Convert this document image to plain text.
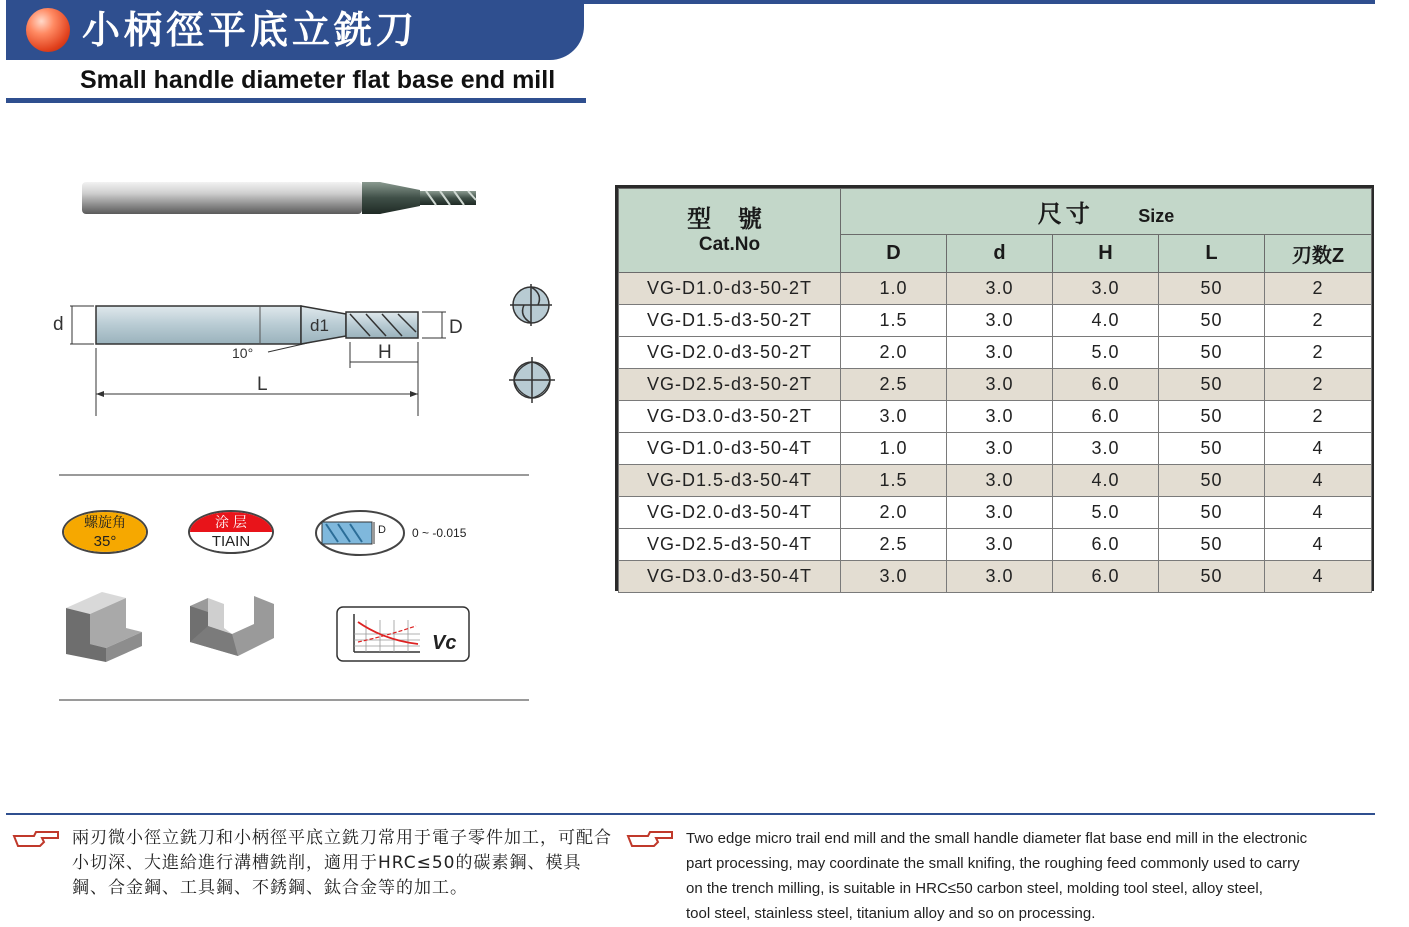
小柄徑平底立銑刀
Small handle diameter flat base end mill
d	d1	D
H
10°
L
螺旋角
35°
涂 层
TIAIN
D 0 ~ -0.015
Vc
型 號
Cat.No	尺寸 Size				
	D	d	H	L	刃数Z
VG-D1.0-d3-50-2T	1.0	3.0	3.0	50	2
VG-D1.5-d3-50-2T	1.5	3.0	4.0	50	2
VG-D2.0-d3-50-2T	2.0	3.0	5.0	50	2
VG-D2.5-d3-50-2T	2.5	3.0	6.0	50	2
VG-D3.0-d3-50-2T	3.0	3.0	6.0	50	2
VG-D1.0-d3-50-4T	1.0	3.0	3.0	50	4
VG-D1.5-d3-50-4T	1.5	3.0	4.0	50	4
VG-D2.0-d3-50-4T	2.0	3.0	5.0	50	4
VG-D2.5-d3-50-4T	2.5	3.0	6.0	50	4
VG-D3.0-d3-50-4T	3.0	3.0	6.0	50	4
兩刃微小徑立銑刀和小柄徑平底立銑刀常用于電子零件加工，可配合小切深、大進給進行溝槽銑削，適用于HRC≤50的碳素鋼、模具鋼、合金鋼、工具鋼、不銹鋼、鈦合金等的加工。
Two edge micro trail end mill and the small handle diameter flat base end mill in the electronic
part processing, may coordinate the small knifing, the roughing feed commonly used to carry
on the trench milling, is suitable in HRC≤50 carbon steel, molding tool steel, alloy steel,
tool steel, stainless steel, titanium alloy and so on processing.
